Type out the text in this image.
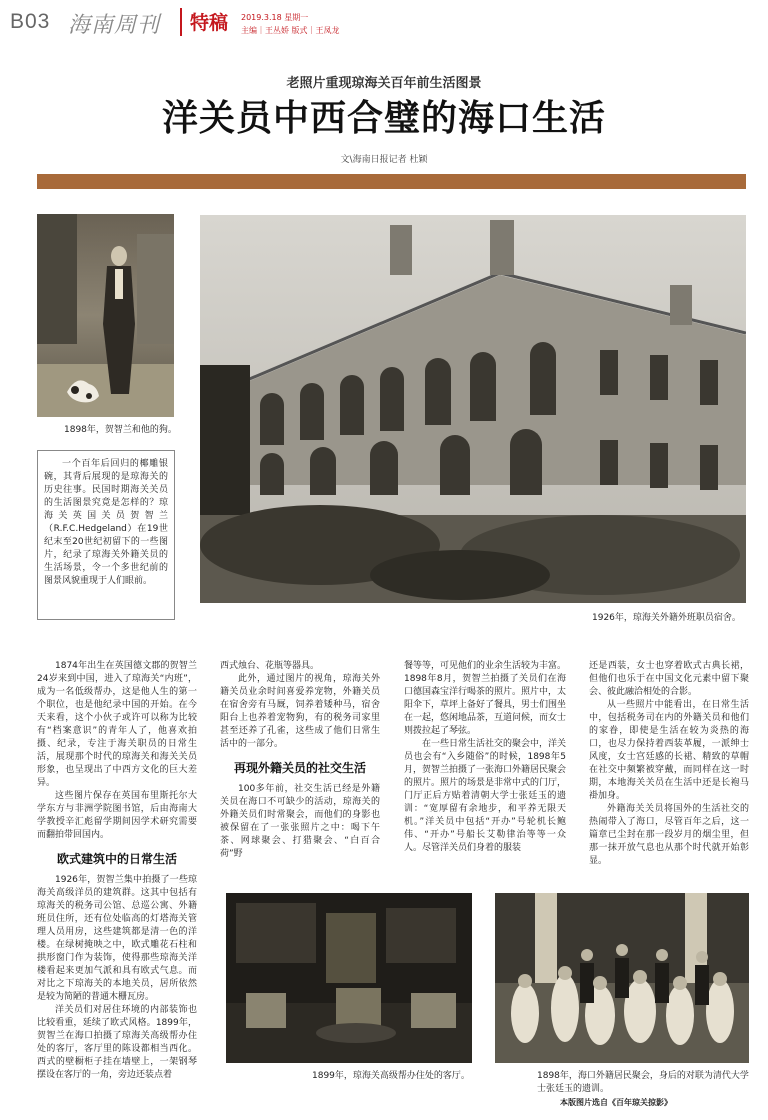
B03 海南周刊	特稿 2019.3.18 星期一
主编｜王丛娇 版式｜王凤龙
老照片重现琼海关百年前生活图景
洋关员中西合璧的海口生活
文\海南日报记者 杜颖
1898年，贺智兰和他的狗。
一个百年后回归的椰雕银碗，其背后展现的是琼海关的历史往事。民国时期海关关员的生活图景究竟是怎样的？琼海关英国关员贺智兰（R.F.C.Hedgeland）在19世纪末至20世纪初留下的一些图片，纪录了琼海关外籍关员的生活场景，令一个多世纪前的图景风貌重现于人们眼前。
1926年，琼海关外籍外班职员宿舍。

1874年出生在英国德文郡的贺智兰24岁来到中国，进入了琼海关“内班”，成为一名低级帮办，这是他人生的第一个职位，也是他纪录中国的开始。在今天来看，这个小伙子或许可以称为比较有“档案意识”的青年人了，他喜欢拍摄、纪录，专注于海关职员的日常生活，展现那个时代的琼海关和海关关员形象，也呈现出了中西方文化的巨大差异。

这些图片保存在英国布里斯托尔大学东方与非洲学院图书馆，后由海南大学教授辛汇彪留学期间因学术研究需要而翻拍带回国内。

欧式建筑中的日常生活

1926年，贺智兰集中拍摄了一些琼海关高级洋员的建筑群。这其中包括有琼海关的税务司公馆、总巡公寓、外籍班员住所，还有位处临高的灯塔海关管理人员用房，这些建筑都是清一色的洋楼。在绿树掩映之中，欧式雕花石柱和拱形窗门作为装饰，使得那些琼海关洋楼看起来更加气派和具有欧式气息。而对比之下琼海关的本地关员，居所依然是较为简陋的普通木栅瓦房。

洋关员们对居住环境的内部装饰也比较看重，延续了欧式风格。1899年，贺智兰在海口拍摄了琼海关高级帮办住处的客厅，客厅里的陈设都相当西化。西式的壁橱柜子挂在墙壁上，一架钢琴摆设在客厅的一角，旁边还装点着

西式烛台、花瓶等器具。

此外，通过图片的视角，琼海关外籍关员业余时间喜爱养宠物，外籍关员在宿舍旁有马厩，饲养着矮种马，宿舍阳台上也养着宠物狗，有的税务司家里甚至还养了孔雀，这些成了他们日常生活中的一部分。

再现外籍关员的社交生活

100多年前，社交生活已经是外籍关员在海口不可缺少的活动，琼海关的外籍关员们时常聚会，而他们的身影也被保留在了一张张照片之中：喝下午茶、网球聚会、打猎聚会、“白百合荷”野

餐等等，可见他们的业余生活较为丰富。1898年8月，贺智兰拍摄了关员们在海口德国森宝洋行喝茶的照片。照片中，太阳伞下，草坪上备好了餐具，男士们围坐在一起，悠闲地品茶，互道问候，而女士则拨拉起了琴弦。

在一些日常生活社交的聚会中，洋关员也会有“入乡随俗”的时候，1898年5月，贺智兰拍摄了一张海口外籍居民聚会的照片。照片的场景是非常中式的门厅，门厅正后方贴着清朝大学士张廷玉的遗训：“宽厚留有余地步，和平养无限天机。”洋关员中包括“开办”号轮机长鲍伟、“开办”号船长艾勒律治等等一众人。尽管洋关员们身着的服装

还是西装，女士也穿着欧式古典长裙，但他们也乐于在中国文化元素中留下聚会、彼此融洽相处的合影。

从一些照片中能看出，在日常生活中，包括税务司在内的外籍关员和他们的家眷，即使是生活在较为炎热的海口，也尽力保持着西装革履，一派绅士风度，女士宫廷感的长裙、精致的草帽在社交中频繁被穿戴，而同样在这一时期，本地海关关员在生活中还是长袍马褂加身。

外籍海关关员将国外的生活社交的热闹带入了海口，尽管百年之后，这一篇章已尘封在那一段岁月的烟尘里，但那一抹开放气息也从那个时代就开始彰显。

1899年，琼海关高级帮办住处的客厅。	1898年，海口外籍居民聚会，身后的对联为清代大学士张廷玉的遗训。
本版图片选自《百年琼关掠影》
